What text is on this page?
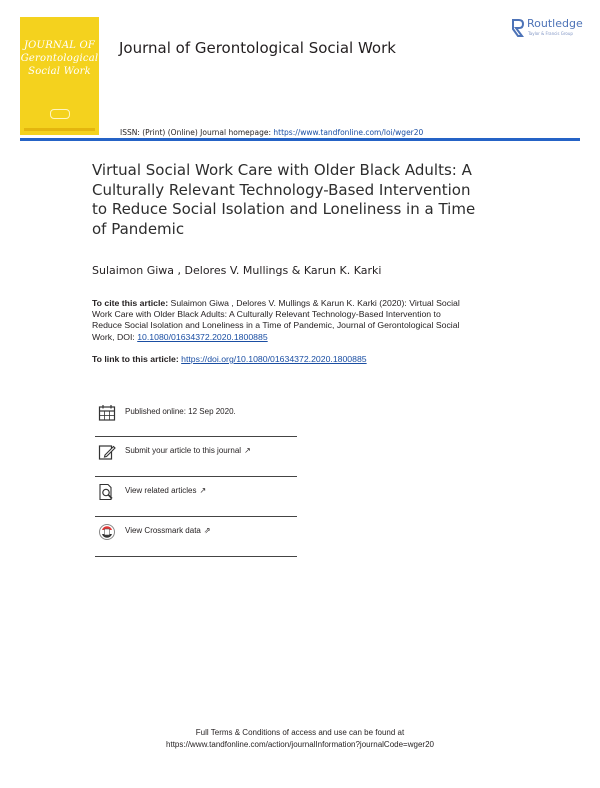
JOURNAL OF
Gerontological
Social Work
Journal of Gerontological Social Work
Routledge
Taylor & Francis Group
ISSN: (Print) (Online) Journal homepage: https://www.tandfonline.com/loi/wger20
Virtual Social Work Care with Older Black Adults: A
Culturally Relevant Technology-Based Intervention
to Reduce Social Isolation and Loneliness in a Time
of Pandemic
Sulaimon Giwa , Delores V. Mullings & Karun K. Karki
To cite this article: Sulaimon Giwa , Delores V. Mullings & Karun K. Karki (2020): Virtual Social
Work Care with Older Black Adults: A Culturally Relevant Technology-Based Intervention to
Reduce Social Isolation and Loneliness in a Time of Pandemic, Journal of Gerontological Social
Work, DOI: 10.1080/01634372.2020.1800885
To link to this article: https://doi.org/10.1080/01634372.2020.1800885
Published online: 12 Sep 2020.
Submit your article to this journal ↗
View related articles ↗
View Crossmark data ⇗
Full Terms & Conditions of access and use can be found at
https://www.tandfonline.com/action/journalInformation?journalCode=wger20
